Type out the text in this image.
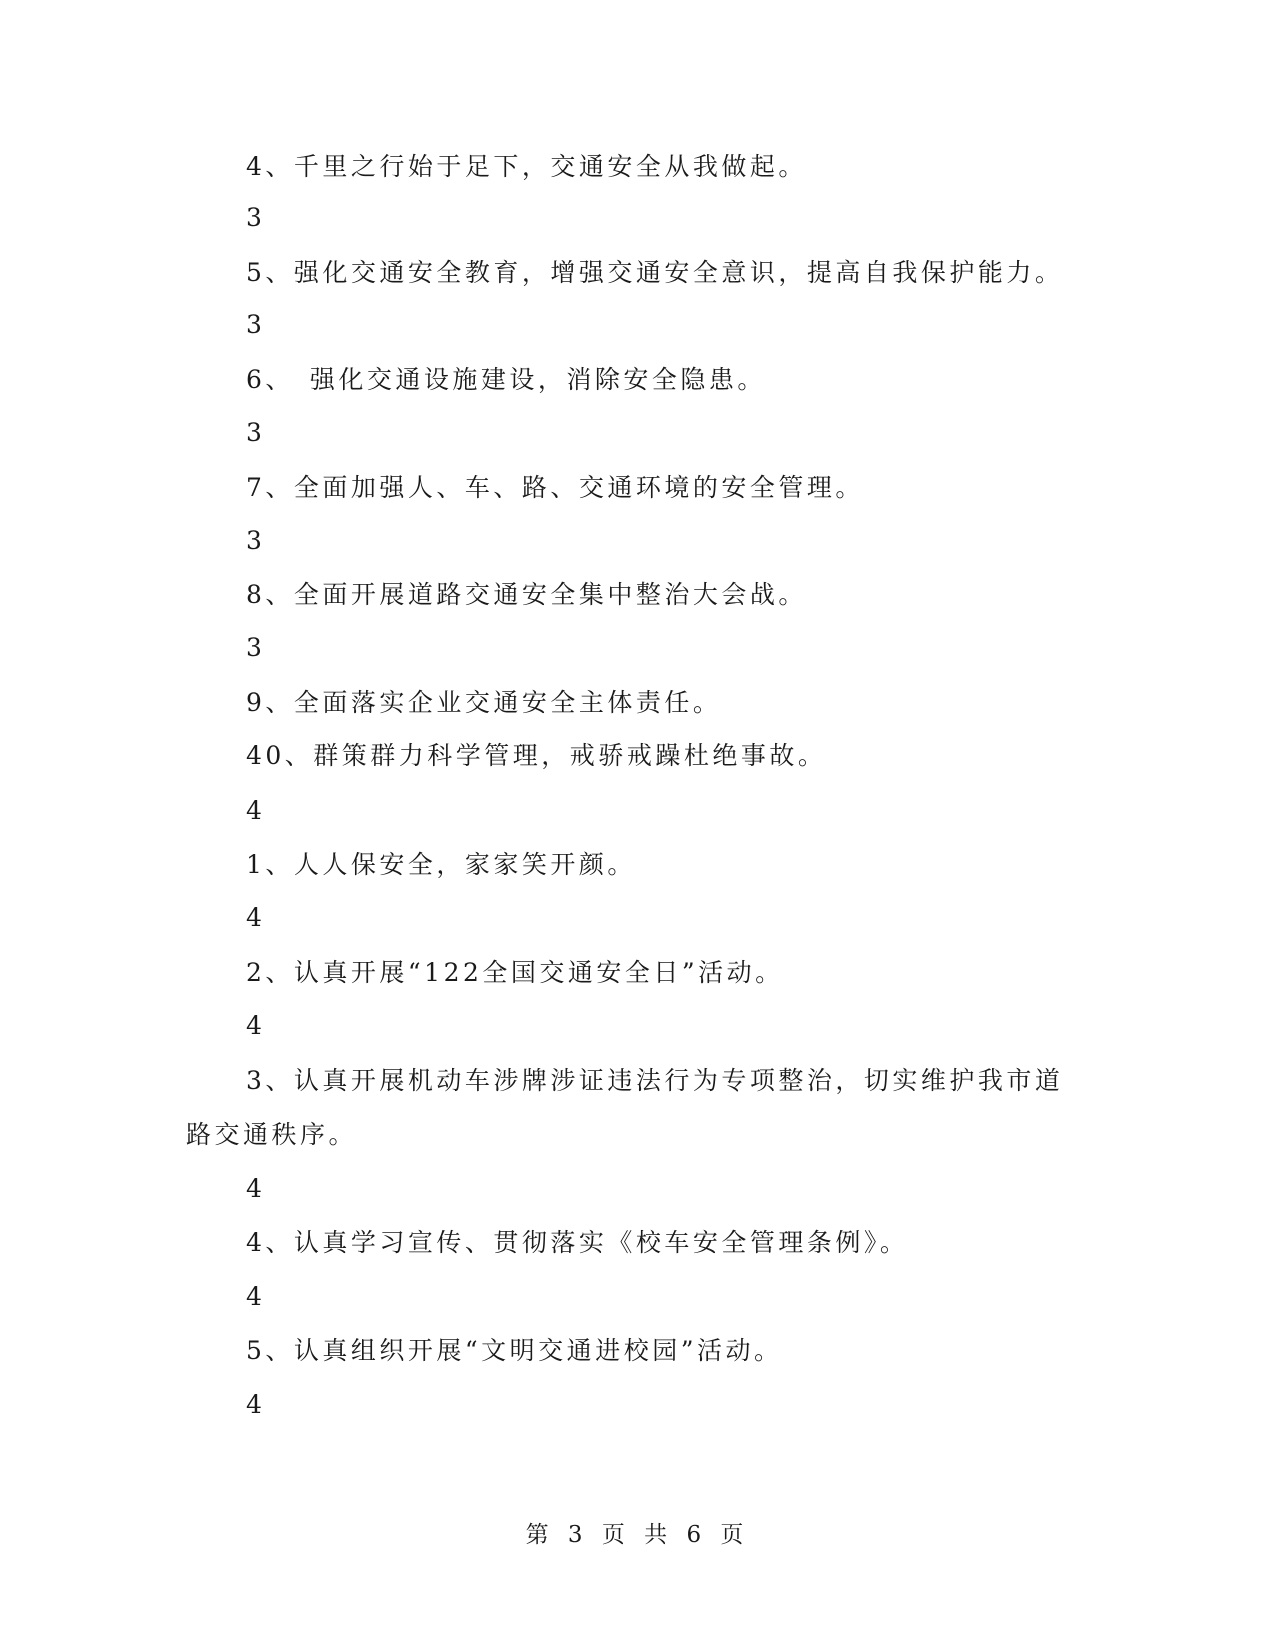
4、千里之行始于足下，交通安全从我做起。
3
5、强化交通安全教育，增强交通安全意识，提高自我保护能力。
3
6、　强化交通设施建设，消除安全隐患。
3
7、全面加强人、车、路、交通环境的安全管理。
3
8、全面开展道路交通安全集中整治大会战。
3
9、全面落实企业交通安全主体责任。
40、群策群力科学管理，戒骄戒躁杜绝事故。
4
1、人人保安全，家家笑开颜。
4
2、认真开展“122全国交通安全日”活动。
4
3、认真开展机动车涉牌涉证违法行为专项整治，切实维护我市道
路交通秩序。
4
4、认真学习宣传、贯彻落实《校车安全管理条例》。
4
5、认真组织开展“文明交通进校园”活动。
4
第 3 页 共 6 页
